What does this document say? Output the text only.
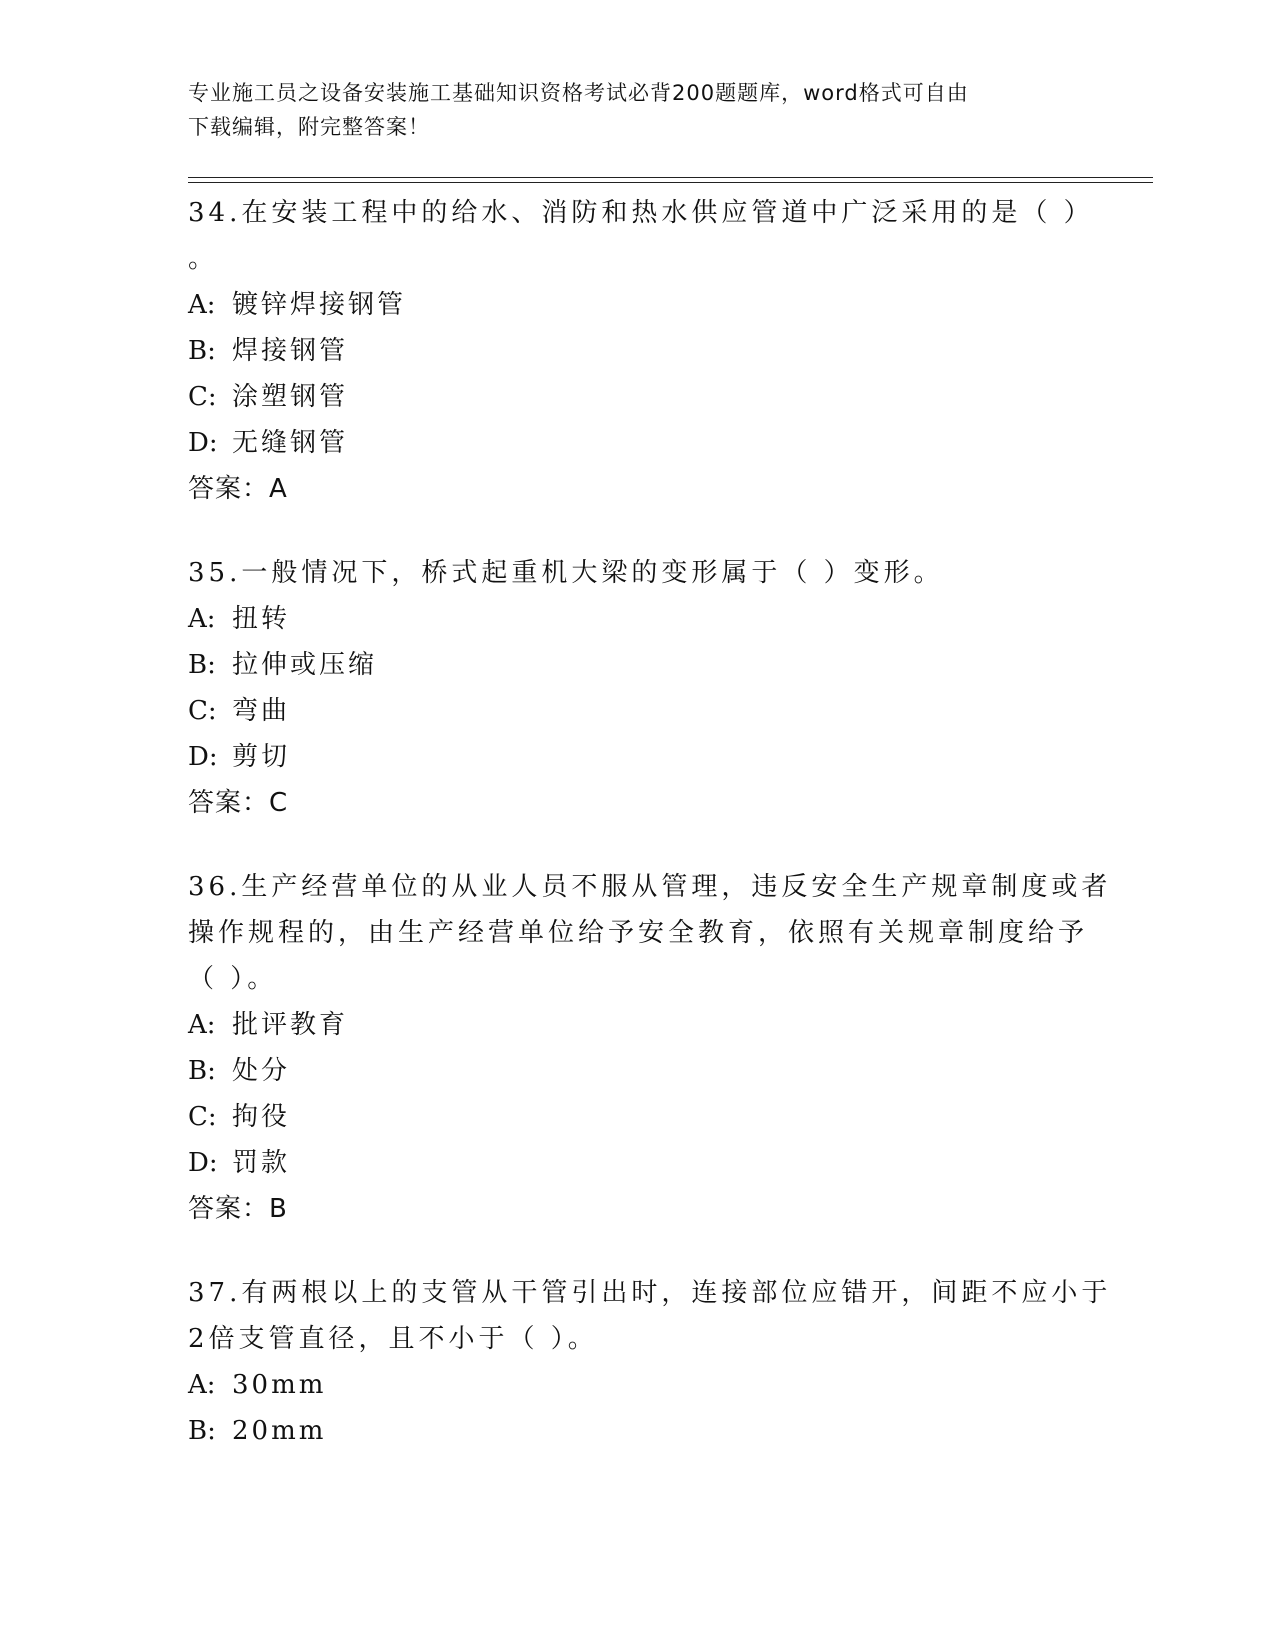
专业施工员之设备安装施工基础知识资格考试必背200题题库，word格式可自由
下载编辑，附完整答案！
34.在安装工程中的给水、消防和热水供应管道中广泛采用的是（ ）
。
A: 镀锌焊接钢管
B: 焊接钢管
C: 涂塑钢管
D: 无缝钢管
答案：A
35.一般情况下，桥式起重机大梁的变形属于（ ）变形。
A: 扭转
B: 拉伸或压缩
C: 弯曲
D: 剪切
答案：C
36.生产经营单位的从业人员不服从管理，违反安全生产规章制度或者
操作规程的，由生产经营单位给予安全教育，依照有关规章制度给予
（ ）。
A: 批评教育
B: 处分
C: 拘役
D: 罚款
答案：B
37.有两根以上的支管从干管引出时，连接部位应错开，间距不应小于
2倍支管直径，且不小于（ ）。
A: 30mm
B: 20mm
